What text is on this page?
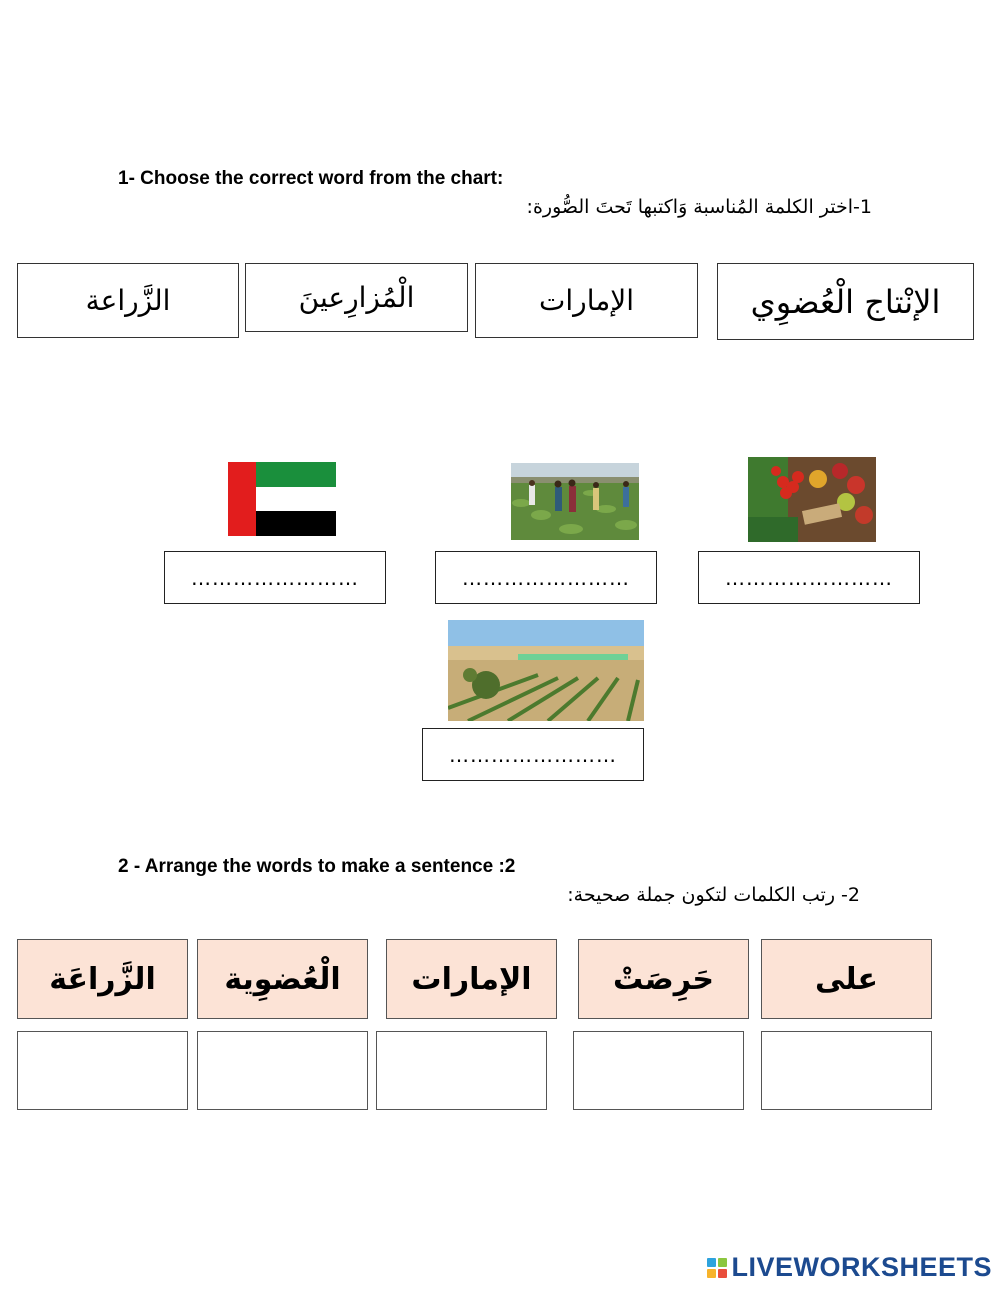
1- Choose the correct word from the chart:
1-اختر الكلمة المُناسبة وَاكتبها تَحتَ الصُّورة:
الإنْتاج الْعُضوِي
الإمارات
الْمُزارِعينَ
الزَّراعة
……………………	……………………	……………………
……………………
2 - Arrange the words to make a sentence :2
2- رتب الكلمات لتكون جملة صحيحة:
على
حَرِصَتْ
الإمارات
الْعُضوِية
الزَّراعَة
LIVEWORKSHEETS
